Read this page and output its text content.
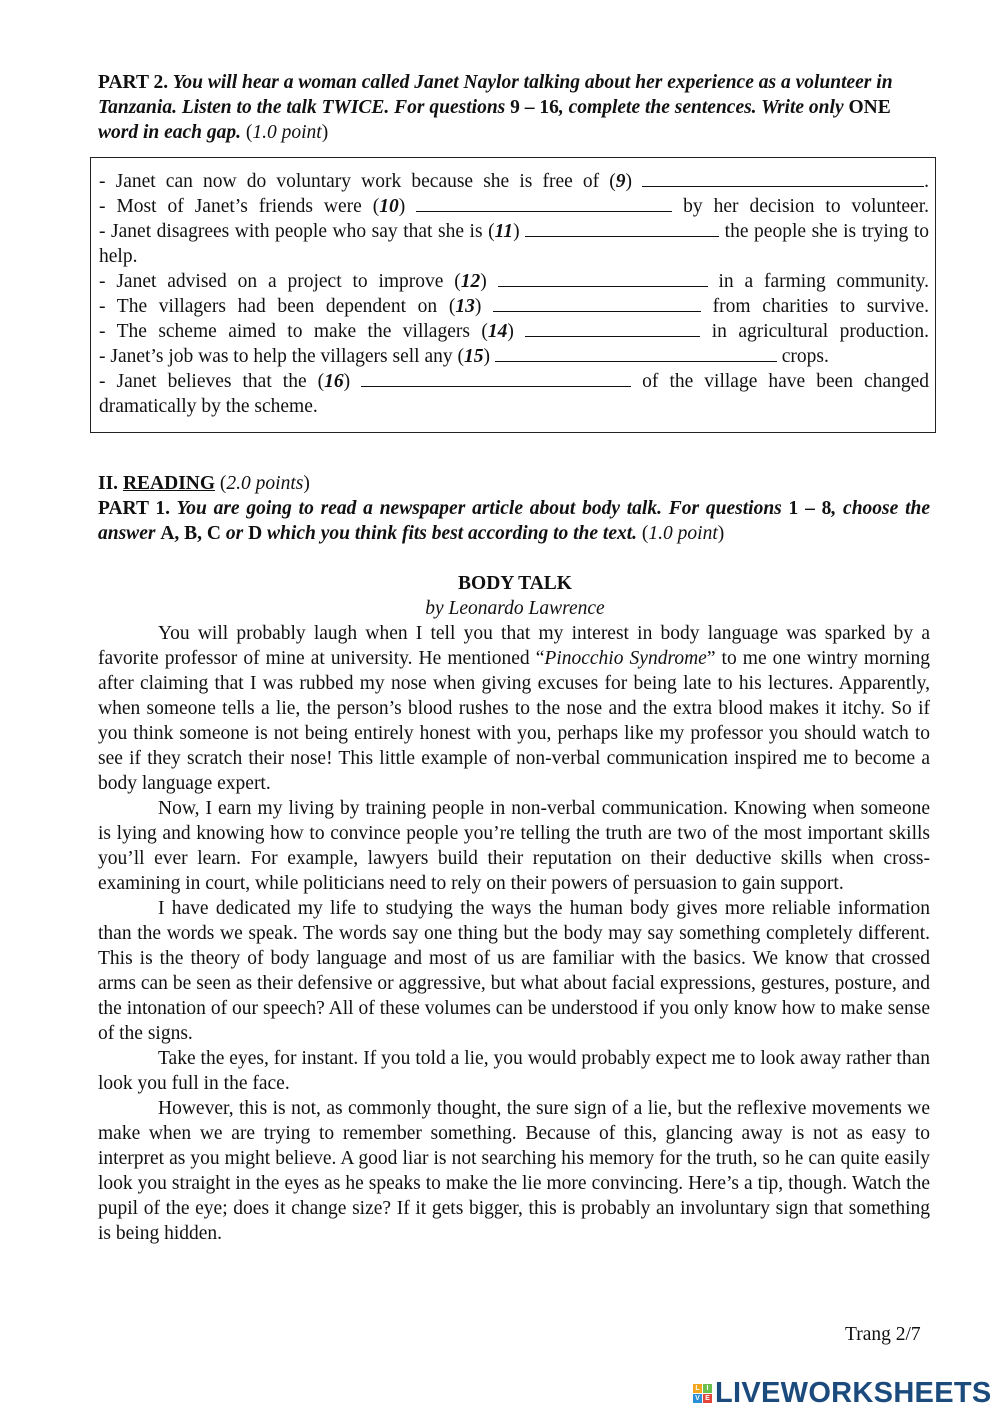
PART 2. You will hear a woman called Janet Naylor talking about her experience as a volunteer in Tanzania. Listen to the talk TWICE. For questions 9 – 16, complete the sentences. Write only ONE word in each gap. (1.0 point)
- Janet can now do voluntary work because she is free of (9)	.
- Most of Janet’s friends were (10)	by her decision to volunteer.
- Janet disagrees with people who say that she is (11)	the people she is trying to help.
- Janet advised on a project to improve (12)	in a farming community.
- The villagers had been dependent on (13)	from charities to survive.
- The scheme aimed to make the villagers (14)	in agricultural production.
- Janet’s job was to help the villagers sell any (15)	crops.
- Janet believes that the (16)	of the village have been changed dramatically by the scheme.
II. READING (2.0 points)
PART 1. You are going to read a newspaper article about body talk. For questions 1 – 8, choose the answer A, B, C or D which you think fits best according to the text. (1.0 point)
BODY TALK
by Leonardo Lawrence

You will probably laugh when I tell you that my interest in body language was sparked by a favorite professor of mine at university. He mentioned “Pinocchio Syndrome” to me one wintry morning after claiming that I was rubbed my nose when giving excuses for being late to his lectures. Apparently, when someone tells a lie, the person’s blood rushes to the nose and the extra blood makes it itchy. So if you think someone is not being entirely honest with you, perhaps like my professor you should watch to see if they scratch their nose! This little example of non-verbal communication inspired me to become a body language expert.

Now, I earn my living by training people in non-verbal communication. Knowing when someone is lying and knowing how to convince people you’re telling the truth are two of the most important skills you’ll ever learn. For example, lawyers build their reputation on their deductive skills when cross-examining in court, while politicians need to rely on their powers of persuasion to gain support.

I have dedicated my life to studying the ways the human body gives more reliable information than the words we speak. The words say one thing but the body may say something completely different. This is the theory of body language and most of us are familiar with the basics. We know that crossed arms can be seen as their defensive or aggressive, but what about facial expressions, gestures, posture, and the intonation of our speech? All of these volumes can be understood if you only know how to make sense of the signs.

Take the eyes, for instant. If you told a lie, you would probably expect me to look away rather than look you full in the face.

However, this is not, as commonly thought, the sure sign of a lie, but the reflexive movements we make when we are trying to remember something. Because of this, glancing away is not as easy to interpret as you might believe. A good liar is not searching his memory for the truth, so he can quite easily look you straight in the eyes as he speaks to make the lie more convincing. Here’s a tip, though. Watch the pupil of the eye; does it change size? If it gets bigger, this is probably an involuntary sign that something is being hidden.

Trang 2/7
L I
V E LIVEWORKSHEETS
